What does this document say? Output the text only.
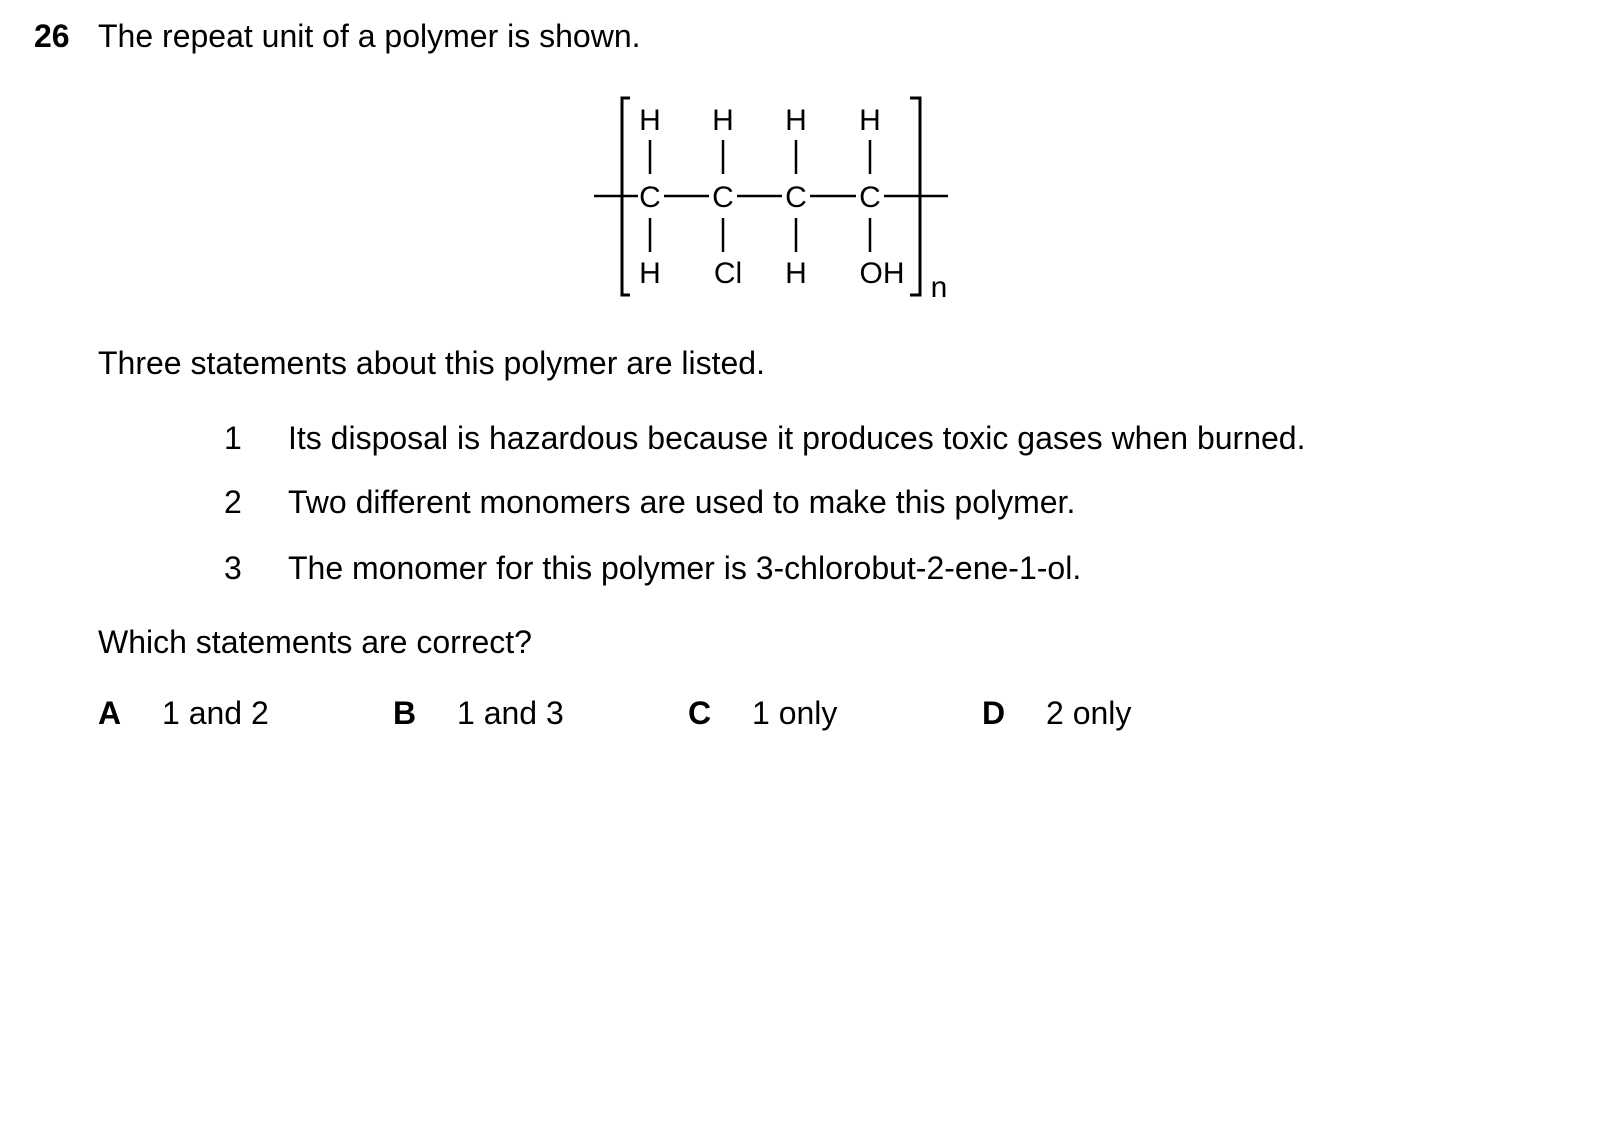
26 The repeat unit of a polymer is shown.
H H H H
C C C C
H Cl H OH n
Three statements about this polymer are listed.
1 Its disposal is hazardous because it produces toxic gases when burned.
2 Two different monomers are used to make this polymer.
3 The monomer for this polymer is 3-chlorobut-2-ene-1-ol.
Which statements are correct?
A 1 and 2	B 1 and 3	C 1 only	D 2 only
